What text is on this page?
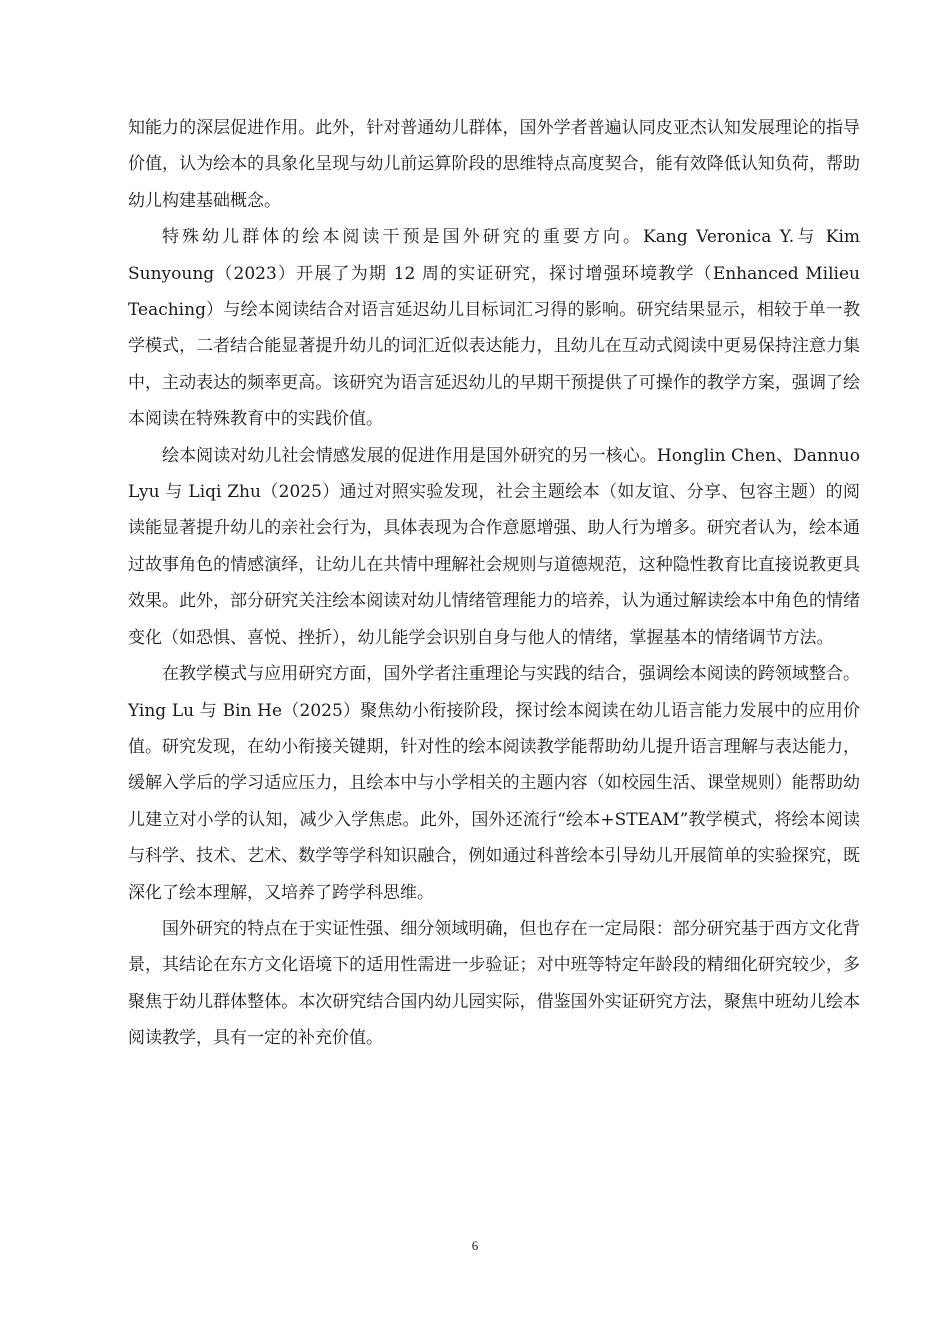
知能力的深层促进作用。此外，针对普通幼儿群体，国外学者普遍认同皮亚杰认知发展理论的指导价值，认为绘本的具象化呈现与幼儿前运算阶段的思维特点高度契合，能有效降低认知负荷，帮助幼儿构建基础概念。

特殊幼儿群体的绘本阅读干预是国外研究的重要方向。Kang Veronica Y.与 Kim Sunyoung（2023）开展了为期 12 周的实证研究，探讨增强环境教学（Enhanced Milieu Teaching）与绘本阅读结合对语言延迟幼儿目标词汇习得的影响。研究结果显示，相较于单一教学模式，二者结合能显著提升幼儿的词汇近似表达能力，且幼儿在互动式阅读中更易保持注意力集中，主动表达的频率更高。该研究为语言延迟幼儿的早期干预提供了可操作的教学方案，强调了绘本阅读在特殊教育中的实践价值。

绘本阅读对幼儿社会情感发展的促进作用是国外研究的另一核心。Honglin Chen、Dannuo Lyu 与 Liqi Zhu（2025）通过对照实验发现，社会主题绘本（如友谊、分享、包容主题）的阅读能显著提升幼儿的亲社会行为，具体表现为合作意愿增强、助人行为增多。研究者认为，绘本通过故事角色的情感演绎，让幼儿在共情中理解社会规则与道德规范，这种隐性教育比直接说教更具效果。此外，部分研究关注绘本阅读对幼儿情绪管理能力的培养，认为通过解读绘本中角色的情绪变化（如恐惧、喜悦、挫折），幼儿能学会识别自身与他人的情绪，掌握基本的情绪调节方法。

在教学模式与应用研究方面，国外学者注重理论与实践的结合，强调绘本阅读的跨领域整合。Ying Lu 与 Bin He（2025）聚焦幼小衔接阶段，探讨绘本阅读在幼儿语言能力发展中的应用价值。研究发现，在幼小衔接关键期，针对性的绘本阅读教学能帮助幼儿提升语言理解与表达能力，缓解入学后的学习适应压力，且绘本中与小学相关的主题内容（如校园生活、课堂规则）能帮助幼儿建立对小学的认知，减少入学焦虑。此外，国外还流行“绘本+STEAM”教学模式，将绘本阅读与科学、技术、艺术、数学等学科知识融合，例如通过科普绘本引导幼儿开展简单的实验探究，既深化了绘本理解，又培养了跨学科思维。

国外研究的特点在于实证性强、细分领域明确，但也存在一定局限：部分研究基于西方文化背景，其结论在东方文化语境下的适用性需进一步验证；对中班等特定年龄段的精细化研究较少，多聚焦于幼儿群体整体。本次研究结合国内幼儿园实际，借鉴国外实证研究方法，聚焦中班幼儿绘本阅读教学，具有一定的补充价值。

6
